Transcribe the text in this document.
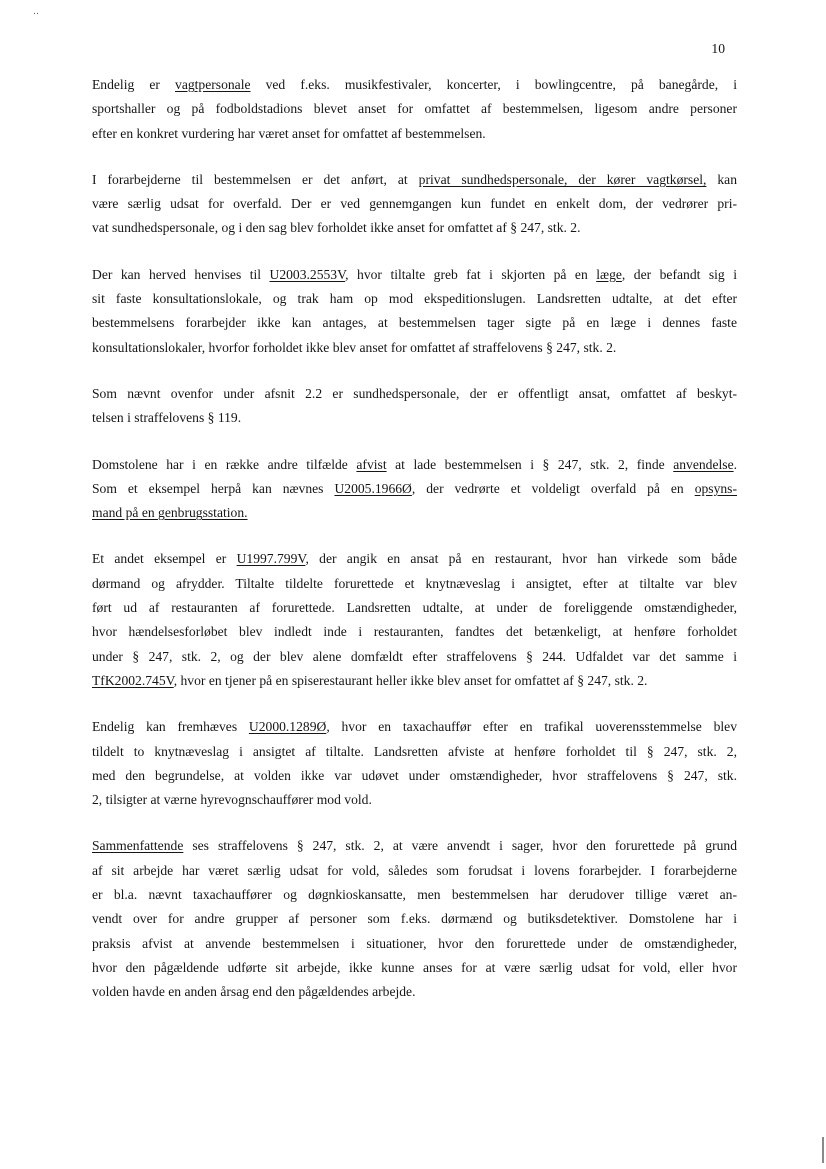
‥
10
Endelig er vagtpersonale ved f.eks. musikfestivaler, koncerter, i bowlingcentre, på banegårde, i
sportshaller og på fodboldstadions blevet anset for omfattet af bestemmelsen, ligesom andre personer
efter en konkret vurdering har været anset for omfattet af bestemmelsen.
I forarbejderne til bestemmelsen er det anført, at privat sundhedspersonale, der kører vagtkørsel, kan
være særlig udsat for overfald. Der er ved gennemgangen kun fundet en enkelt dom, der vedrører pri-
vat sundhedspersonale, og i den sag blev forholdet ikke anset for omfattet af § 247, stk. 2.
Der kan herved henvises til U2003.2553V, hvor tiltalte greb fat i skjorten på en læge, der befandt sig i
sit faste konsultationslokale, og trak ham op mod ekspeditionslugen. Landsretten udtalte, at det efter
bestemmelsens forarbejder ikke kan antages, at bestemmelsen tager sigte på en læge i dennes faste
konsultationslokaler, hvorfor forholdet ikke blev anset for omfattet af straffelovens § 247, stk. 2.
Som nævnt ovenfor under afsnit 2.2 er sundhedspersonale, der er offentligt ansat, omfattet af beskyt-
telsen i straffelovens § 119.
Domstolene har i en række andre tilfælde afvist at lade bestemmelsen i § 247, stk. 2, finde anvendelse.
Som et eksempel herpå kan nævnes U2005.1966Ø, der vedrørte et voldeligt overfald på en opsyns-
mand på en genbrugsstation.
Et andet eksempel er U1997.799V, der angik en ansat på en restaurant, hvor han virkede som både
dørmand og afrydder. Tiltalte tildelte forurettede et knytnæveslag i ansigtet, efter at tiltalte var blev
ført ud af restauranten af forurettede. Landsretten udtalte, at under de foreliggende omstændigheder,
hvor hændelsesforløbet blev indledt inde i restauranten, fandtes det betænkeligt, at henføre forholdet
under § 247, stk. 2, og der blev alene domfældt efter straffelovens § 244. Udfaldet var det samme i
TfK2002.745V, hvor en tjener på en spiserestaurant heller ikke blev anset for omfattet af § 247, stk. 2.
Endelig kan fremhæves U2000.1289Ø, hvor en taxachauffør efter en trafikal uoverensstemmelse blev
tildelt to knytnæveslag i ansigtet af tiltalte. Landsretten afviste at henføre forholdet til § 247, stk. 2,
med den begrundelse, at volden ikke var udøvet under omstændigheder, hvor straffelovens § 247, stk.
2, tilsigter at værne hyrevognschauffører mod vold.
Sammenfattende ses straffelovens § 247, stk. 2, at være anvendt i sager, hvor den forurettede på grund
af sit arbejde har været særlig udsat for vold, således som forudsat i lovens forarbejder. I forarbejderne
er bl.a. nævnt taxachauffører og døgnkioskansatte, men bestemmelsen har derudover tillige været an-
vendt over for andre grupper af personer som f.eks. dørmænd og butiksdetektiver. Domstolene har i
praksis afvist at anvende bestemmelsen i situationer, hvor den forurettede under de omstændigheder,
hvor den pågældende udførte sit arbejde, ikke kunne anses for at være særlig udsat for vold, eller hvor
volden havde en anden årsag end den pågældendes arbejde.
